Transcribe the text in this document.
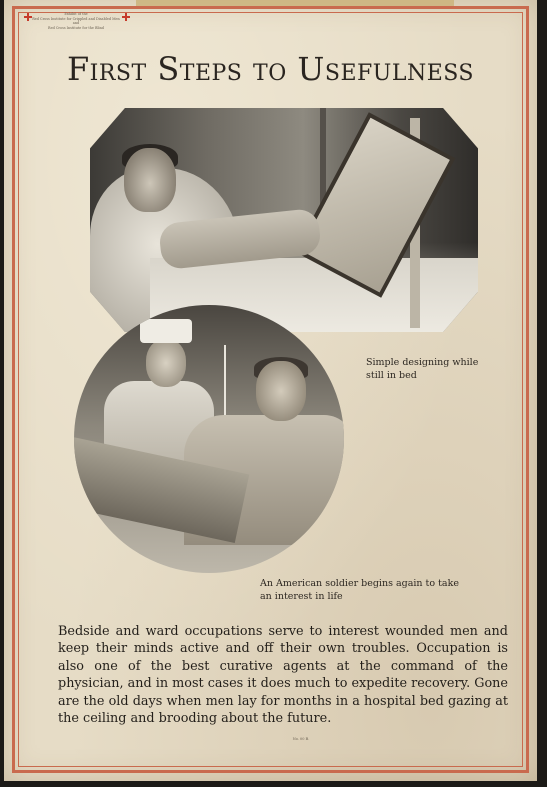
Exhibit of the
Red Cross Institute for Crippled and Disabled Men
and
Red Cross Institute for the Blind
First Steps to Usefulness

Simple designing while still in bed

An American soldier begins again to take an interest in life

Bedside and ward occupations serve to interest wounded men and keep their minds active and off their own troubles. Occupation is also one of the best curative agents at the command of the physician, and in most cases it does much to expedite recovery. Gone are the old days when men lay for months in a hospital bed gazing at the ceiling and brooding about the future.

No. 00 B.
